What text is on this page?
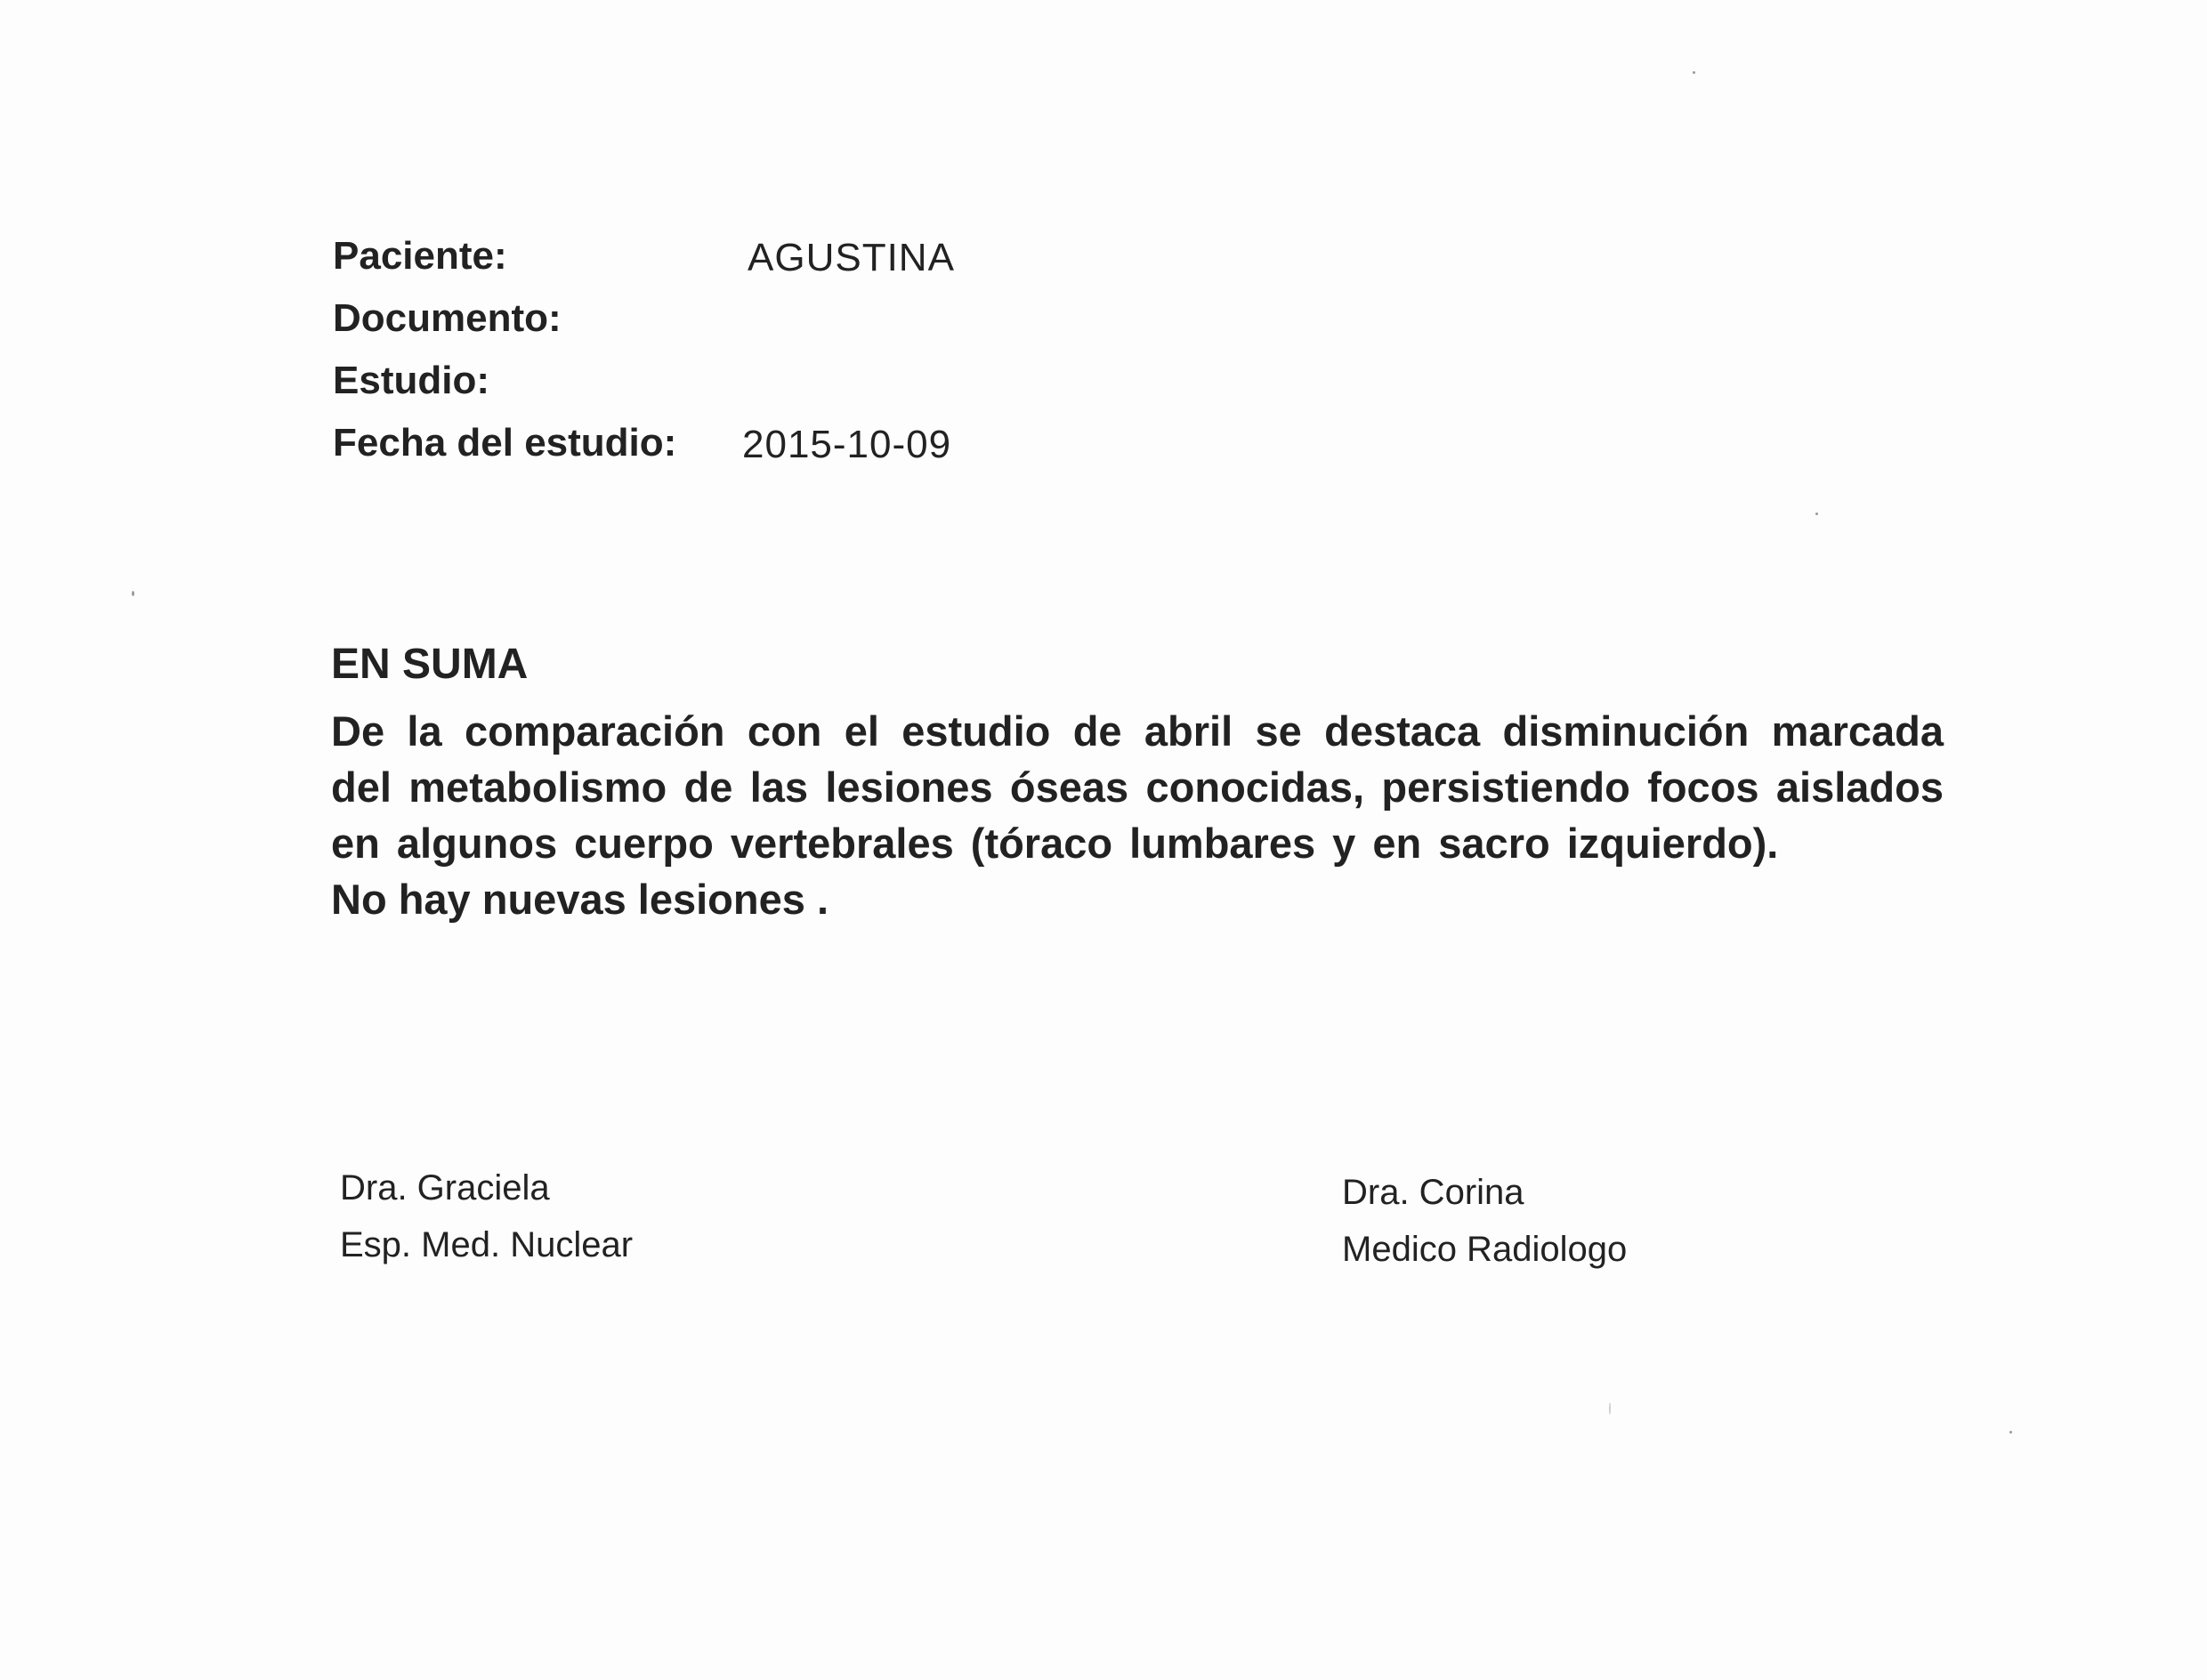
Paciente:	AGUSTINA
Documento:
Estudio:
Fecha del estudio: 2015-10-09
EN SUMA

De la comparación con el estudio de abril se destaca disminución marcada del metabolismo de las lesiones óseas conocidas, persistiendo focos aislados en algunos cuerpo vertebrales (tóraco lumbares y en sacro izquierdo).

No hay nuevas lesiones .

Dra. Graciela
Esp. Med. Nuclear
Dra. Corina
Medico Radiologo
